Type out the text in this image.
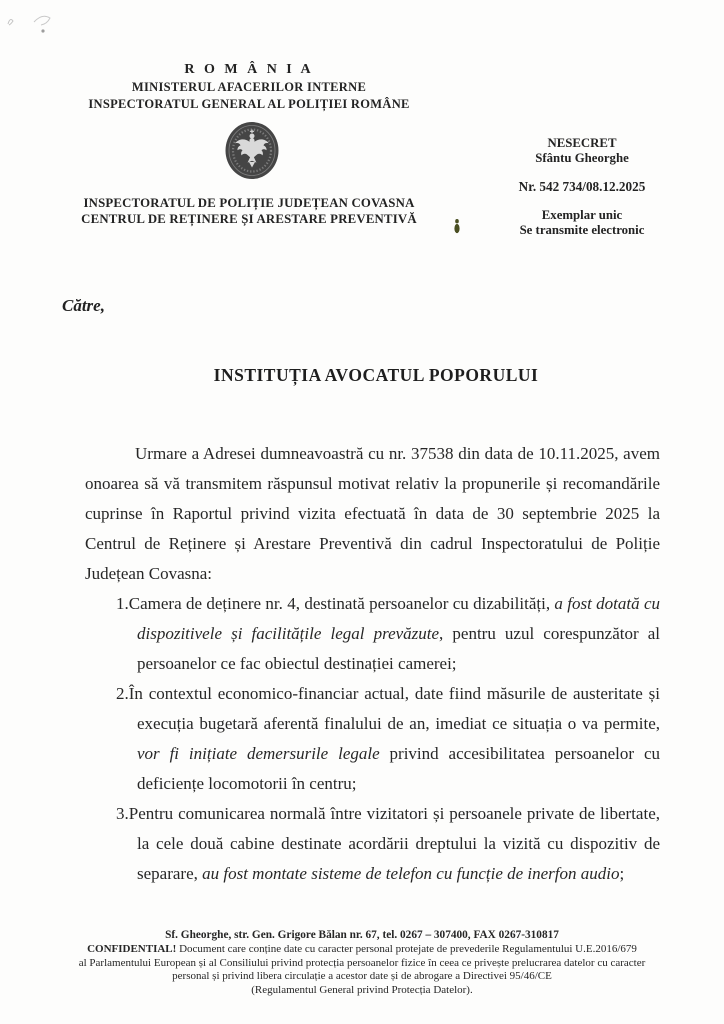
R O M Â N I A
MINISTERUL AFACERILOR INTERNE
INSPECTORATUL GENERAL AL POLIȚIEI ROMÂNE
INSPECTORATUL DE POLIȚIE JUDEȚEAN COVASNA
CENTRUL DE REȚINERE ȘI ARESTARE PREVENTIVĂ
NESECRET
Sfântu Gheorghe
Nr. 542 734/08.12.2025
Exemplar unic
Se transmite electronic
Către,
INSTITUȚIA AVOCATUL POPORULUI

Urmare a Adresei dumneavoastră cu nr. 37538 din data de 10.11.2025, avem onoarea să vă transmitem răspunsul motivat relativ la propunerile și recomandările cuprinse în Raportul privind vizita efectuată în data de 30 septembrie 2025 la Centrul de Reținere și Arestare Preventivă din cadrul Inspectoratului de Poliție Județean Covasna:

1.Camera de deținere nr. 4, destinată persoanelor cu dizabilități, a fost dotată cu dispozitivele și facilitățile legal prevăzute, pentru uzul corespunzător al persoanelor ce fac obiectul destinației camerei;
2.În contextul economico-financiar actual, date fiind măsurile de austeritate și execuția bugetară aferentă finalului de an, imediat ce situația o va permite, vor fi inițiate demersurile legale privind accesibilitatea persoanelor cu deficiențe locomotorii în centru;
3.Pentru comunicarea normală între vizitatori și persoanele private de libertate, la cele două cabine destinate acordării dreptului la vizită cu dispozitiv de separare, au fost montate sisteme de telefon cu funcție de inerfon audio;
Sf. Gheorghe, str. Gen. Grigore Bălan nr. 67, tel. 0267 – 307400, FAX 0267-310817
CONFIDENTIAL! Document care conține date cu caracter personal protejate de prevederile Regulamentului U.E.2016/679
al Parlamentului European și al Consiliului privind protecția persoanelor fizice în ceea ce privește prelucrarea datelor cu caracter
personal și privind libera circulație a acestor date și de abrogare a Directivei 95/46/CE
(Regulamentul General privind Protecția Datelor).
